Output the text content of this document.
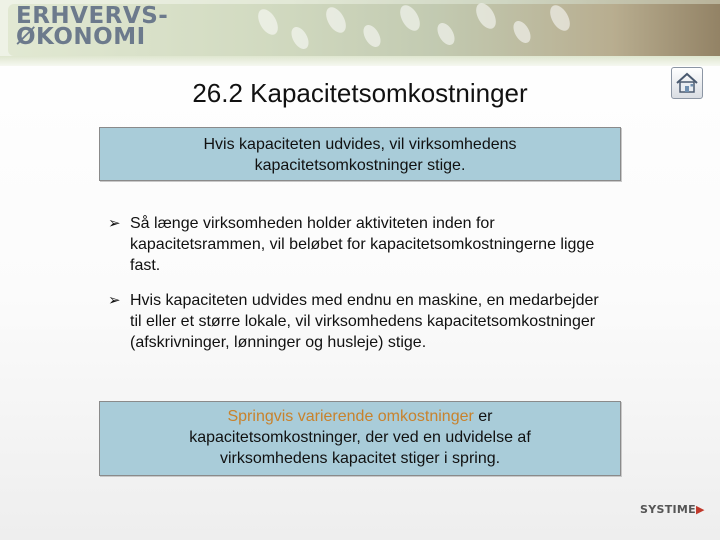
ERHVERVS-
ØKONOMI
26.2 Kapacitetsomkostninger
Hvis kapaciteten udvides, vil virksomhedens kapacitetsomkostninger stige.
➢ Så længe virksomheden holder aktiviteten inden for kapacitetsrammen, vil beløbet for kapacitetsomkostningerne ligge fast.
➢ Hvis kapaciteten udvides med endnu en maskine, en medarbejder til eller et større lokale, vil virksomhedens kapacitetsomkostninger (afskrivninger, lønninger og husleje) stige.
Springvis varierende omkostninger er kapacitetsomkostninger, der ved en udvidelse af virksomhedens kapacitet stiger i spring.
SYSTIME▶
